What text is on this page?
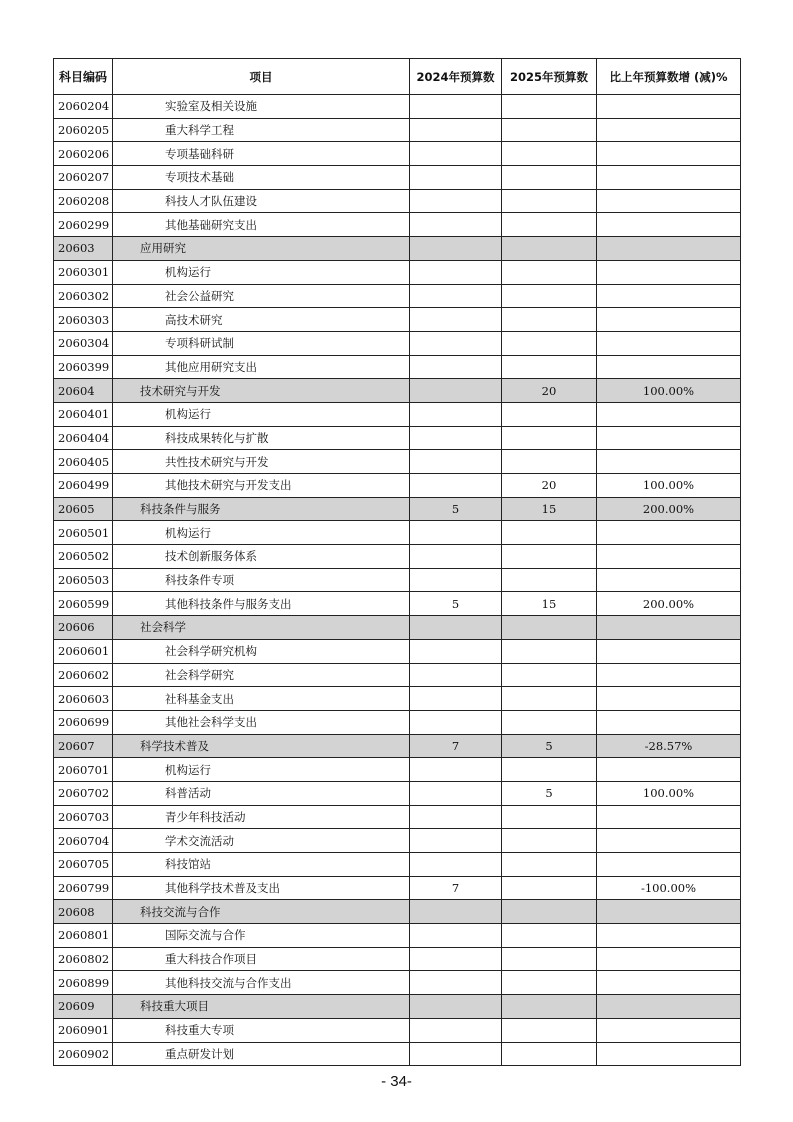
科目编码	项目	2024年预算数	2025年预算数	比上年预算数增 (减)%
2060204	实验室及相关设施			
2060205	重大科学工程			
2060206	专项基础科研			
2060207	专项技术基础			
2060208	科技人才队伍建设			
2060299	其他基础研究支出			
20603	应用研究			
2060301	机构运行			
2060302	社会公益研究			
2060303	高技术研究			
2060304	专项科研试制			
2060399	其他应用研究支出			
20604	技术研究与开发		20	100.00%
2060401	机构运行			
2060404	科技成果转化与扩散			
2060405	共性技术研究与开发			
2060499	其他技术研究与开发支出		20	100.00%
20605	科技条件与服务	5	15	200.00%
2060501	机构运行			
2060502	技术创新服务体系			
2060503	科技条件专项			
2060599	其他科技条件与服务支出	5	15	200.00%
20606	社会科学			
2060601	社会科学研究机构			
2060602	社会科学研究			
2060603	社科基金支出			
2060699	其他社会科学支出			
20607	科学技术普及	7	5	-28.57%
2060701	机构运行			
2060702	科普活动		5	100.00%
2060703	青少年科技活动			
2060704	学术交流活动			
2060705	科技馆站			
2060799	其他科学技术普及支出	7		-100.00%
20608	科技交流与合作			
2060801	国际交流与合作			
2060802	重大科技合作项目			
2060899	其他科技交流与合作支出			
20609	科技重大项目			
2060901	科技重大专项			
2060902	重点研发计划			
- 34-
